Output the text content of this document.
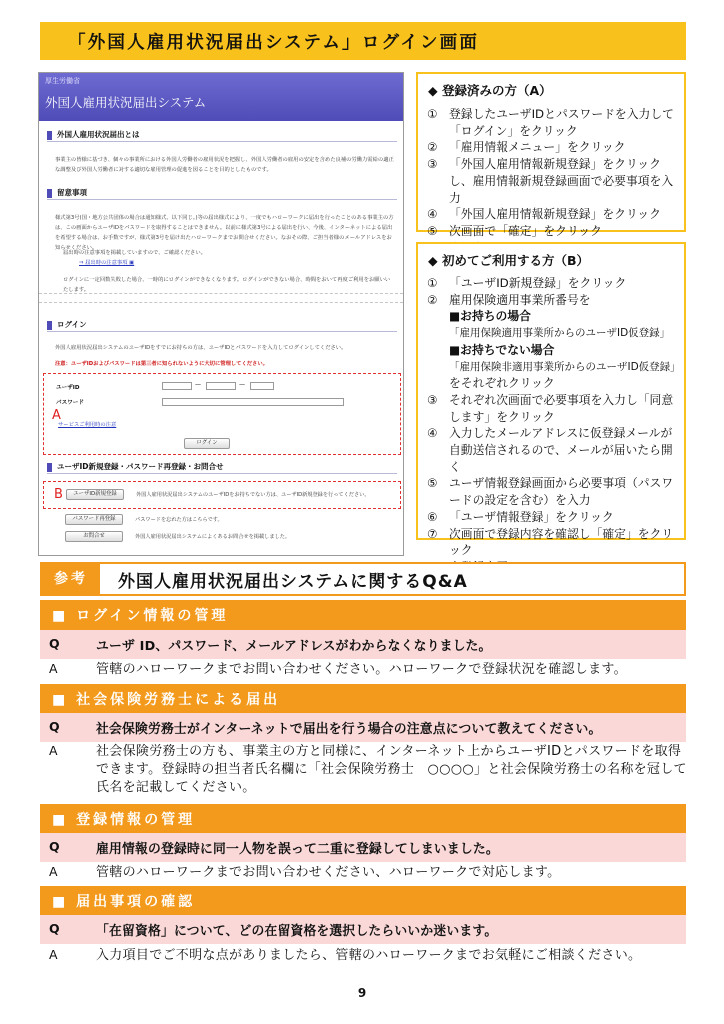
「外国人雇用状況届出システム」ログイン画面
厚生労働省
外国人雇用状況届出システム
外国人雇用状況届出とは
事業主の皆様に基づき、個々の事業所における外国人労働者の雇用状況を把握し、外国人労働者の雇用の安定を含めた良補の労働力需給の適正な調整及び外国人労働者に対する適切な雇用管理の促進を図ることを目的としたものです。
留意事項
様式第3号(国・地方公共団体の場合は通知様式、以下同じ。)等の届出様式により、一度でもハローワークに届出を行ったことのある事業主の方は、この画面からユーザIDをパスワードを取得することはできません。以前に様式第3号による届出を行い、今後、インターネットによる届出を希望する場合は、お手数ですが、様式第3号を届け出たハローワークまでお問合せください。なおその際、ご担当者様のメールアドレスをお知らせください。
届出時の注意事項を掲載していますので、ご確認ください。
⇒ 届出時の注意事項 ▣
ログインに一定回数失敗した場合、一時的にログインができなくなります。ログインができない場合、時間をおいて再度ご利用をお願いいたします。
ログイン
外国人雇用状況届出システムのユーザIDをすでにお持ちの方は、ユーザIDとパスワードを入力してログインしてください。
注意：ユーザIDおよびパスワードは第三者に知られないように大切に管理してください。
ユーザID	—	—
パスワード
A
サービスご利用時の注意
ログイン
ユーザID新規登録・パスワード再登録・お問合せ
B	ユーザID新規登録	外国人雇用状況届出システムのユーザIDをお持ちでない方は、ユーザID新規登録を行ってください。
パスワード再登録	パスワードを忘れた方はこちらです。
お問合せ	外国人雇用状況届出システムによくあるお問合せを掲載しました。
◆ 登録済みの方（A）
① 登録したユーザIDとパスワードを入力して「ログイン」をクリック
② 「雇用情報メニュー」をクリック
③ 「外国人雇用情報新規登録」をクリックし、雇用情報新規登録画面で必要事項を入力
④ 「外国人雇用情報新規登録」をクリック
⑤ 次画面で「確定」をクリック
◆ 初めてご利用する方（B）
① 「ユーザID新規登録」をクリック
② 雇用保険適用事業所番号を
■お持ちの場合
「雇用保険適用事業所からのユーザID仮登録」
■お持ちでない場合
「雇用保険非適用事業所からのユーザID仮登録」
をそれぞれクリック
③ それぞれ次画面で必要事項を入力し「同意します」をクリック
④ 入力したメールアドレスに仮登録メールが自動送信されるので、メールが届いたら開く
⑤ ユーザ情報登録画面から必要事項（パスワードの設定を含む）を入力
⑥ 「ユーザ情報登録」をクリック
⑦ 次画面で登録内容を確認し「確定」をクリック
参考	外国人雇用状況届出システムに関するQ&A
■ ログイン情報の管理
Q	ユーザ ID、パスワード、メールアドレスがわからなくなりました。
A	管轄のハローワークまでお問い合わせください。ハローワークで登録状況を確認します。
■ 社会保険労務士による届出
Q	社会保険労務士がインターネットで届出を行う場合の注意点について教えてください。
A	社会保険労務士の方も、事業主の方と同様に、インターネット上からユーザIDとパスワードを取得できます。登録時の担当者氏名欄に「社会保険労務士　○○○○」と社会保険労務士の名称を冠して氏名を記載してください。
■ 登録情報の管理
Q	雇用情報の登録時に同一人物を誤って二重に登録してしまいました。
A	管轄のハローワークまでお問い合わせください、ハローワークで対応します。
■ 届出事項の確認
Q	「在留資格」について、どの在留資格を選択したらいいか迷います。
A	入力項目でご不明な点がありましたら、管轄のハローワークまでお気軽にご相談ください。
9
